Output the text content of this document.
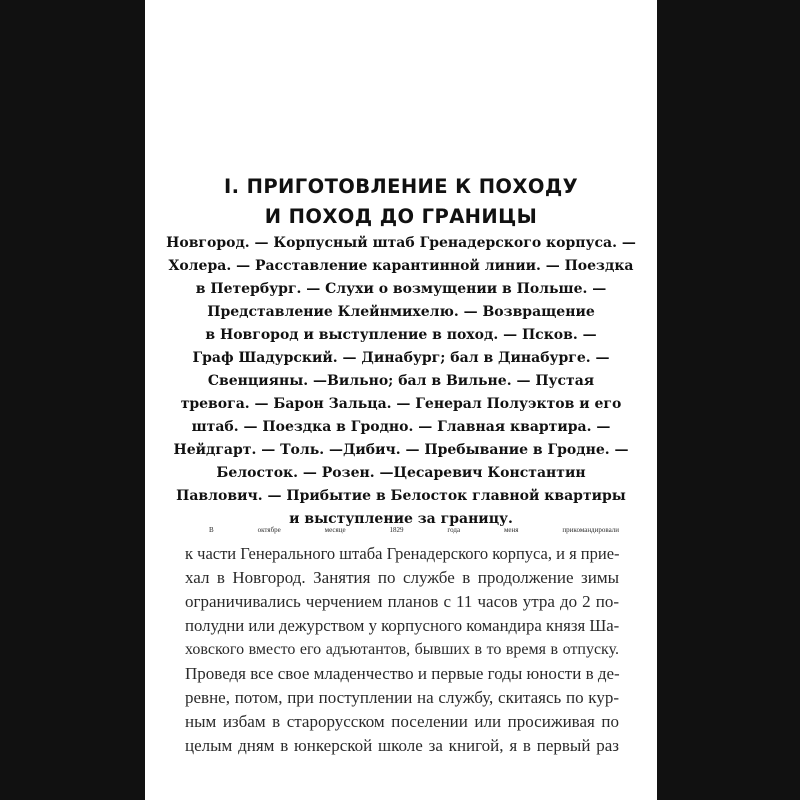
I. ПРИГОТОВЛЕНИЕ К ПОХОДУ
И ПОХОД ДО ГРАНИЦЫ
Новгород. — Корпусный штаб Гренадерского корпуса. —
Холера. — Расставление карантинной линии. — Поездка
в Петербург. — Слухи о возмущении в Польше. —
Представление Клейнмихелю. — Возвращение
в Новгород и выступление в поход. — Псков. —
Граф Шадурский. — Динабург; бал в Динабурге. —
Свенцияны. —Вильно; бал в Вильне. — Пустая
тревога. — Барон Зальца. — Генерал Полуэктов и его
штаб. — Поездка в Гродно. — Главная квартира. —
Нейдгарт. — Толь. —Дибич. — Пребывание в Гродне. —
Белосток. — Розен. —Цесаревич Константин
Павлович. — Прибытие в Белосток главной квартиры
и выступление за границу.
В октябре месяце 1829 года меня прикомандировали
к части Генерального штаба Гренадерского корпуса, и я прие-
хал в Новгород. Занятия по службе в продолжение зимы
ограничивались черчением планов с 11 часов утра до 2 по-
полудни или дежурством у корпусного командира князя Ша-
ховского вместо его адъютантов, бывших в то время в отпуску.
Проведя все свое младенчество и первые годы юности в де-
ревне, потом, при поступлении на службу, скитаясь по кур-
ным избам в старорусском поселении или просиживая по
целым дням в юнкерской школе за книгой, я в первый раз
